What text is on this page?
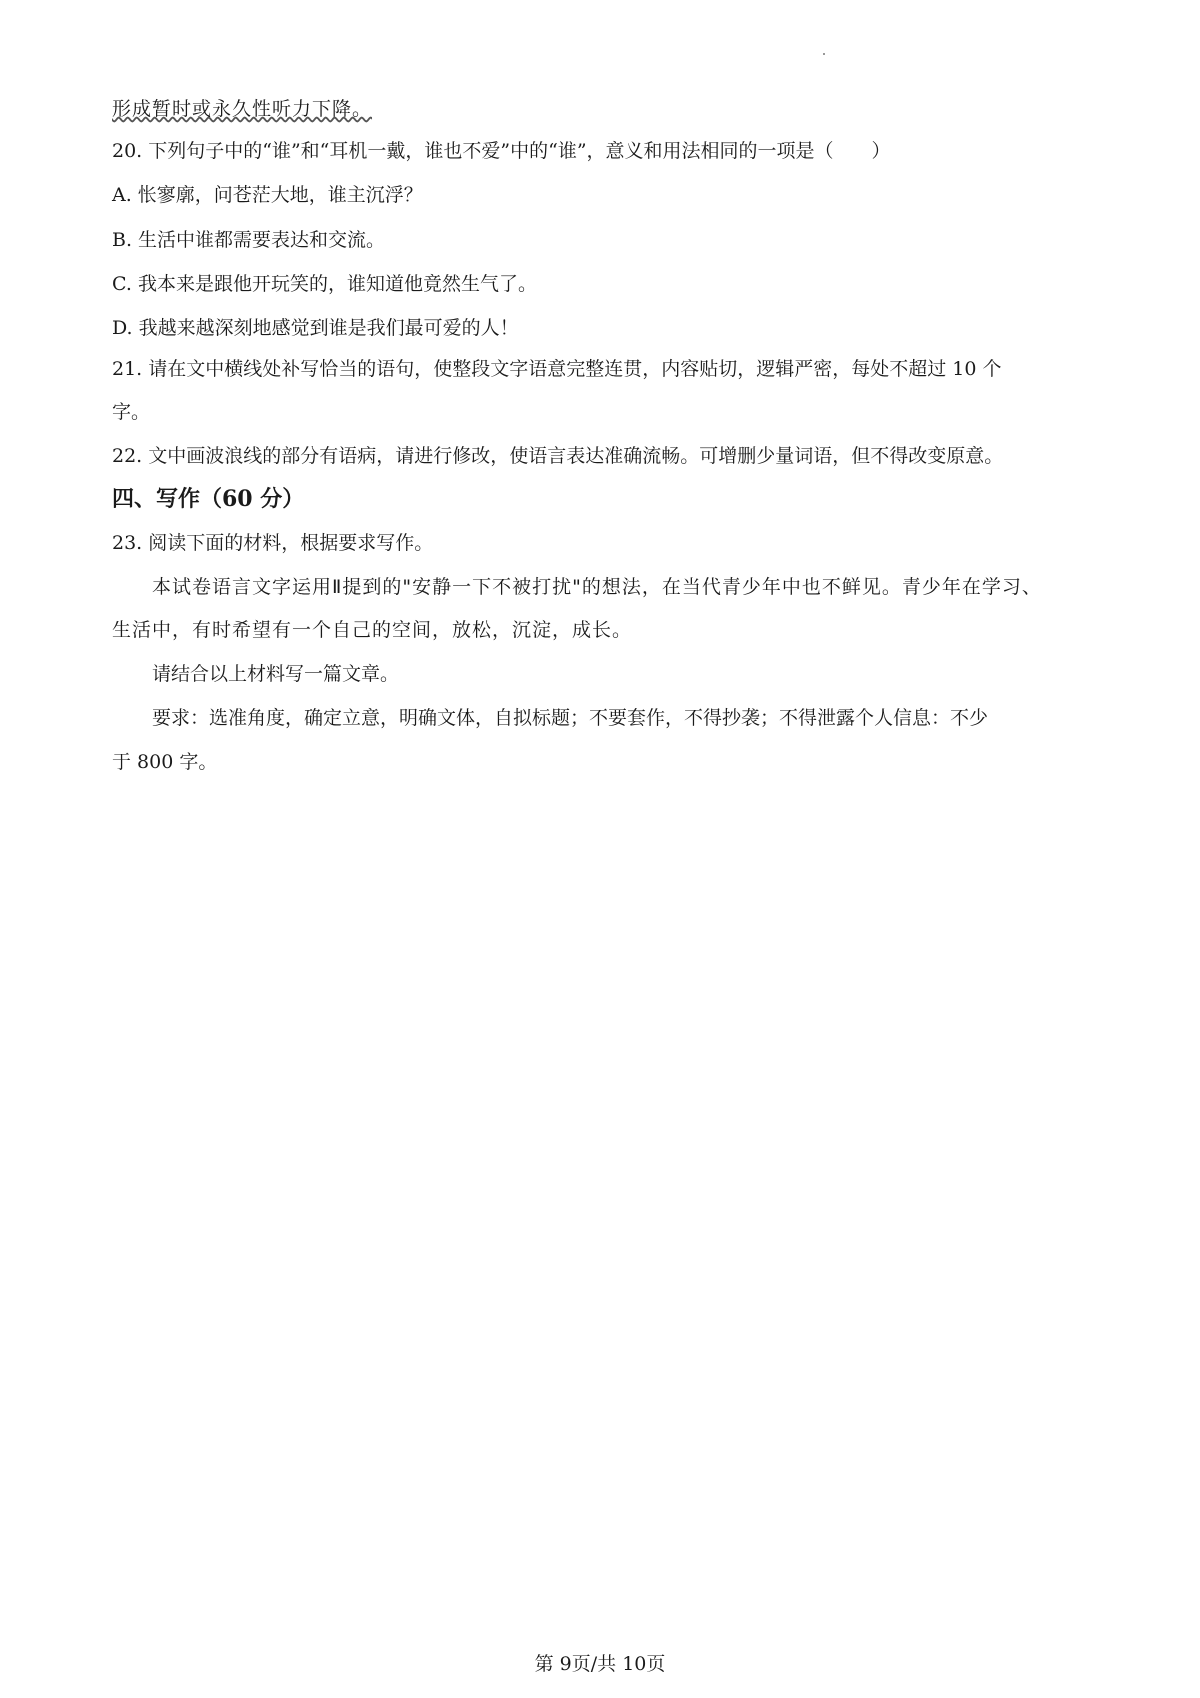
形成暂时或永久性听力下降。
20. 下列句子中的“谁”和“耳机一戴，谁也不爱”中的“谁”，意义和用法相同的一项是（　　）
A. 怅寥廓，问苍茫大地，谁主沉浮？
B. 生活中谁都需要表达和交流。
C. 我本来是跟他开玩笑的，谁知道他竟然生气了。
D. 我越来越深刻地感觉到谁是我们最可爱的人！
21. 请在文中横线处补写恰当的语句，使整段文字语意完整连贯，内容贴切，逻辑严密，每处不超过 10 个
字。
22. 文中画波浪线的部分有语病，请进行修改，使语言表达准确流畅。可增删少量词语，但不得改变原意。
四、写作（60 分）
23. 阅读下面的材料，根据要求写作。
本试卷语言文字运用Ⅱ提到的"安静一下不被打扰"的想法，在当代青少年中也不鲜见。青少年在学习、
生活中，有时希望有一个自己的空间，放松，沉淀，成长。
请结合以上材料写一篇文章。
要求：选准角度，确定立意，明确文体，自拟标题；不要套作，不得抄袭；不得泄露个人信息：不少
于 800 字。
第 9页/共 10页
